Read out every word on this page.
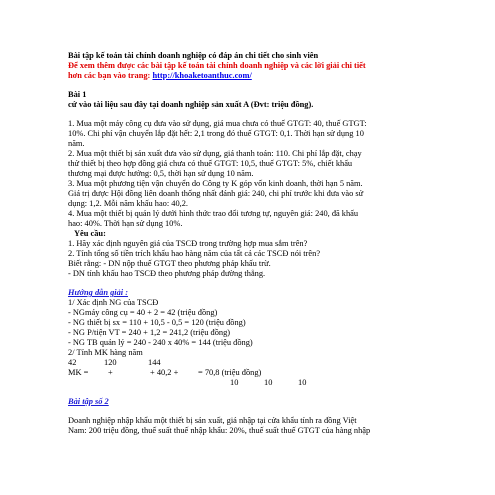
Bài tập kế toán tài chính doanh nghiệp có đáp án chi tiết cho sinh viên
Để xem thêm được các bài tập kế toán tài chính doanh nghiệp và các lời giải chi tiết
hơn các bạn vào trang: http://khoaketoanthuc.com/
Bài 1
cứ vào tài liệu sau đây tại doanh nghiệp sản xuất A (Đvt: triệu đồng).
1. Mua một máy công cụ đưa vào sử dụng, giá mua chưa có thuế GTGT: 40, thuế GTGT:
10%. Chi phí vận chuyển lắp đặt hết: 2,1 trong đó thuế GTGT: 0,1. Thời hạn sử dụng 10
năm.
2. Mua một thiết bị sản xuất đưa vào sử dụng, giá thanh toán: 110. Chi phí lắp đặt, chạy
thử thiết bị theo hợp đồng giá chưa có thuế GTGT: 10,5, thuế GTGT: 5%, chiết khấu
thương mại được hưởng: 0,5, thời hạn sử dụng 10 năm.
3. Mua một phương tiện vận chuyển do Công ty K góp vốn kinh doanh, thời hạn 5 năm.
Giá trị được Hội đồng liên doanh thống nhất đánh giá: 240, chi phí trước khi đưa vào sử
dụng: 1,2. Mỗi năm khấu hao: 40,2.
4. Mua một thiết bị quản lý dưới hình thức trao đổi tương tự, nguyên giá: 240, đã khấu
hao: 40%. Thời hạn sử dụng 10%.
Yêu cầu:
1. Hãy xác định nguyên giá của TSCĐ trong trường hợp mua sắm trên?
2. Tính tổng số tiền trích khấu hao hàng năm của tất cả các TSCĐ nói trên?
Biết rằng: - DN nộp thuế GTGT theo phương pháp khấu trừ.
- DN tính khấu hao TSCĐ theo phương pháp đường thẳng.
Hướng dẫn giải :
1/ Xác định NG của TSCĐ
- NGmáy công cụ = 40 + 2 = 42 (triệu đồng)
- NG thiết bị sx = 110 + 10,5 - 0,5 = 120 (triệu đồng)
- NG P/tiện VT = 240 + 1,2 = 241,2 (triệu đồng)
- NG TB quản lý = 240 - 240 x 40% = 144 (triệu đồng)
2/ Tính MK hàng năm
42	120	144
MK = +	+ 40,2 + = 70,8 (triệu đồng)
10	10	10
Bài tập số 2
Doanh nghiệp nhập khẩu một thiết bị sản xuất, giá nhập tại cửa khẩu tính ra đồng Việt
Nam: 200 triệu đồng, thuế suất thuế nhập khẩu: 20%, thuế suất thuế GTGT của hàng nhập
